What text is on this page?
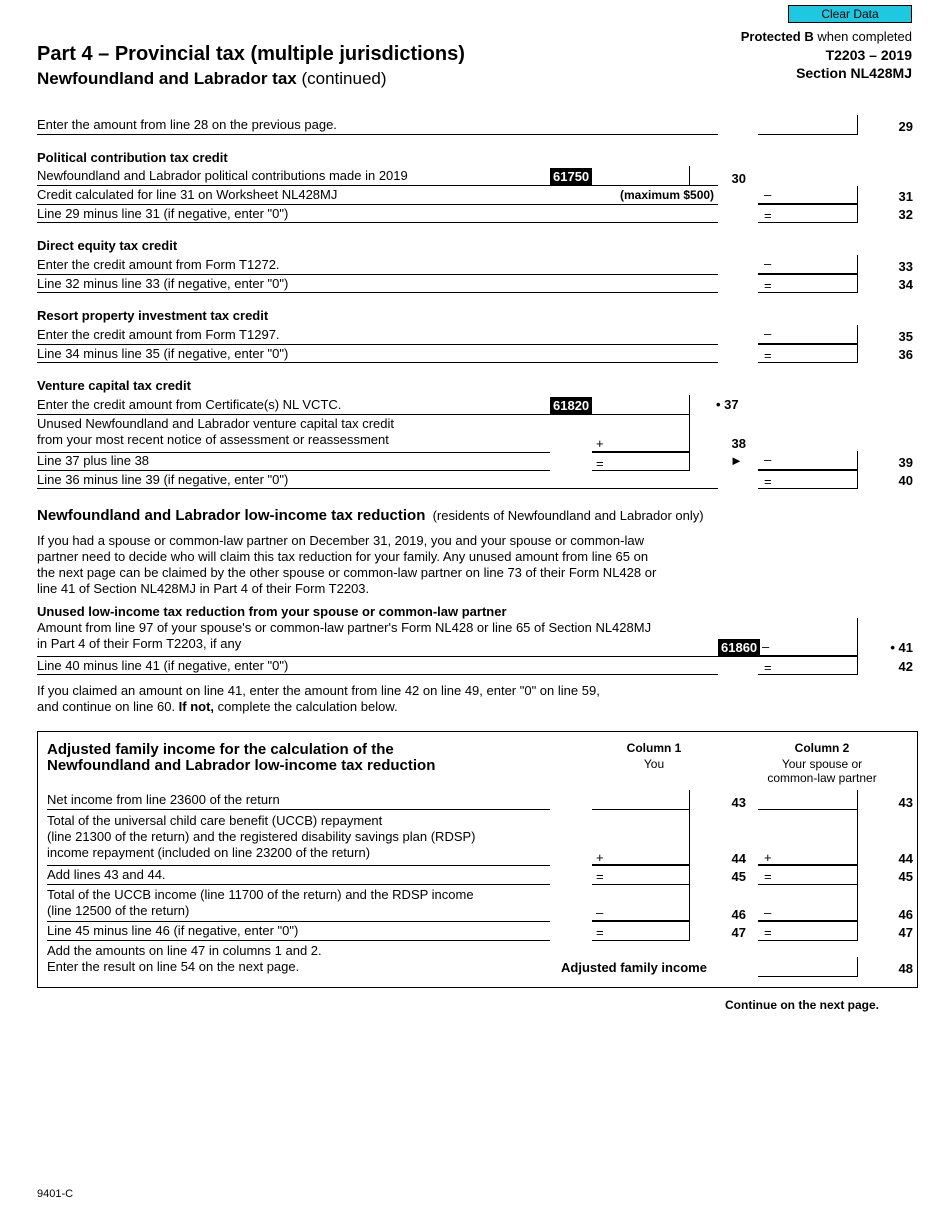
Clear Data
Protected B when completed
T2203 – 2019
Section NL428MJ
Part 4 – Provincial tax (multiple jurisdictions)
Newfoundland and Labrador tax (continued)
Enter the amount from line 28 on the previous page.	29
Political contribution tax credit
Newfoundland and Labrador political contributions made in 2019	61750	30
Credit calculated for line 31 on Worksheet NL428MJ	(maximum $500)	–	31
Line 29 minus line 31 (if negative, enter "0")	=	32
Direct equity tax credit
Enter the credit amount from Form T1272.	–	33
Line 32 minus line 33 (if negative, enter "0")	=	34
Resort property investment tax credit
Enter the credit amount from Form T1297.	–	35
Line 34 minus line 35 (if negative, enter "0")	=	36
Venture capital tax credit
Enter the credit amount from Certificate(s) NL VCTC.	61820	• 37
Unused Newfoundland and Labrador venture capital tax credit
from your most recent notice of assessment or reassessment	+	38
Line 37 plus line 38	=	► –	39
Line 36 minus line 39 (if negative, enter "0")	=	40
Newfoundland and Labrador low-income tax reduction (residents of Newfoundland and Labrador only)
If you had a spouse or common-law partner on December 31, 2019, you and your spouse or common-law
partner need to decide who will claim this tax reduction for your family. Any unused amount from line 65 on
the next page can be claimed by the other spouse or common-law partner on line 73 of their Form NL428 or
line 41 of Section NL428MJ in Part 4 of their Form T2203.
Unused low-income tax reduction from your spouse or common-law partner
Amount from line 97 of your spouse's or common-law partner's Form NL428 or line 65 of Section NL428MJ
in Part 4 of their Form T2203, if any	61860 –	• 41
Line 40 minus line 41 (if negative, enter "0")	=	42
If you claimed an amount on line 41, enter the amount from line 42 on line 49, enter "0" on line 59,
and continue on line 60. If not, complete the calculation below.
Adjusted family income for the calculation of the
Newfoundland and Labrador low-income tax reduction
Column 1
You
Column 2
Your spouse or
common-law partner
Net income from line 23600 of the return	43	43
Total of the universal child care benefit (UCCB) repayment
(line 21300 of the return) and the registered disability savings plan (RDSP)
income repayment (included on line 23200 of the return)	+	44 +	44
Add lines 43 and 44.	=	45 =	45
Total of the UCCB income (line 11700 of the return) and the RDSP income
(line 12500 of the return)	–	46 –	46
Line 45 minus line 46 (if negative, enter "0")	=	47 =	47
Add the amounts on line 47 in columns 1 and 2.
Enter the result on line 54 on the next page.	Adjusted family income	48
Continue on the next page.
9401-C
